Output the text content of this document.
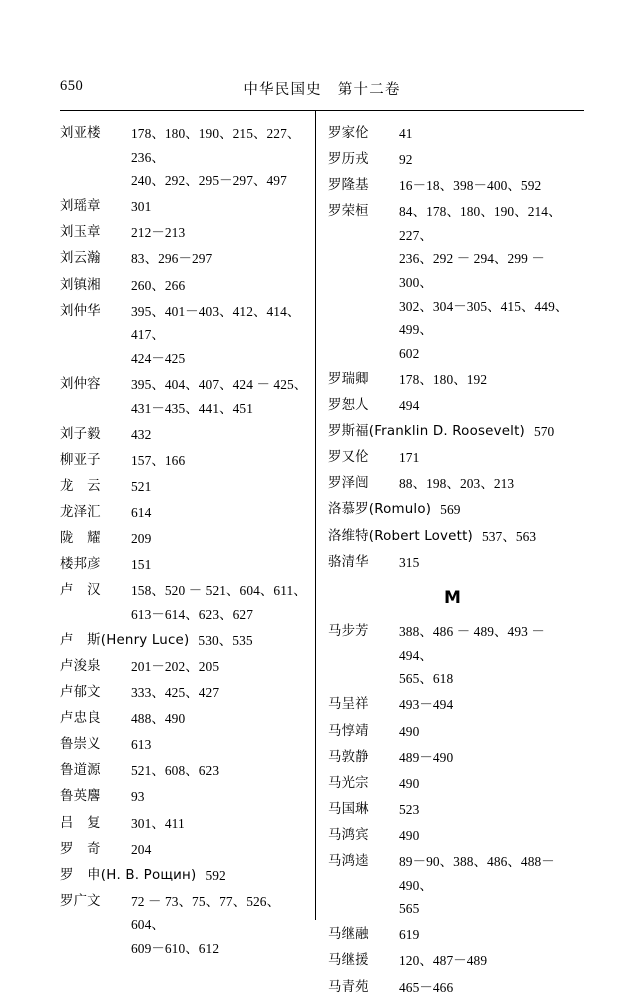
650	中华民国史 第十二卷
刘亚楼	178、180、190、215、227、236、
240、292、295－297、497
刘瑶章	301
刘玉章	212－213
刘云瀚	83、296－297
刘镇湘	260、266
刘仲华	395、401－403、412、414、417、
424－425
刘仲容	395、404、407、424 － 425、
431－435、441、451
刘子毅	432
柳亚子	157、166
龙　云	521
龙泽汇	614
陇　耀	209
楼邦彦	151
卢　汉	158、520 － 521、604、611、
613－614、623、627
卢　斯(Henry Luce) 530、535
卢浚泉	201－202、205
卢郁文	333、425、427
卢忠良	488、490
鲁崇义	613
鲁道源	521、608、623
鲁英麐	93
吕　复	301、411
罗　奇	204
罗　申(Н. В. Рощин) 592
罗广文	72 － 73、75、77、526、604、
609－610、612
罗家伦	41
罗历戎	92
罗隆基	16－18、398－400、592
罗荣桓	84、178、180、190、214、227、
236、292 － 294、299 － 300、
302、304－305、415、449、499、
602
罗瑞卿	178、180、192
罗恕人	494
罗斯福(Franklin D. Roosevelt) 570
罗又伦	171
罗泽闿	88、198、203、213
洛慕罗(Romulo) 569
洛维特(Robert Lovett) 537、563
骆清华	315
M
马步芳	388、486 － 489、493 － 494、
565、618
马呈祥	493－494
马惇靖	490
马敦静	489－490
马光宗	490
马国琳	523
马鸿宾	490
马鸿逵	89－90、388、486、488－490、
565
马继融	619
马继援	120、487－489
马青苑	465－466
